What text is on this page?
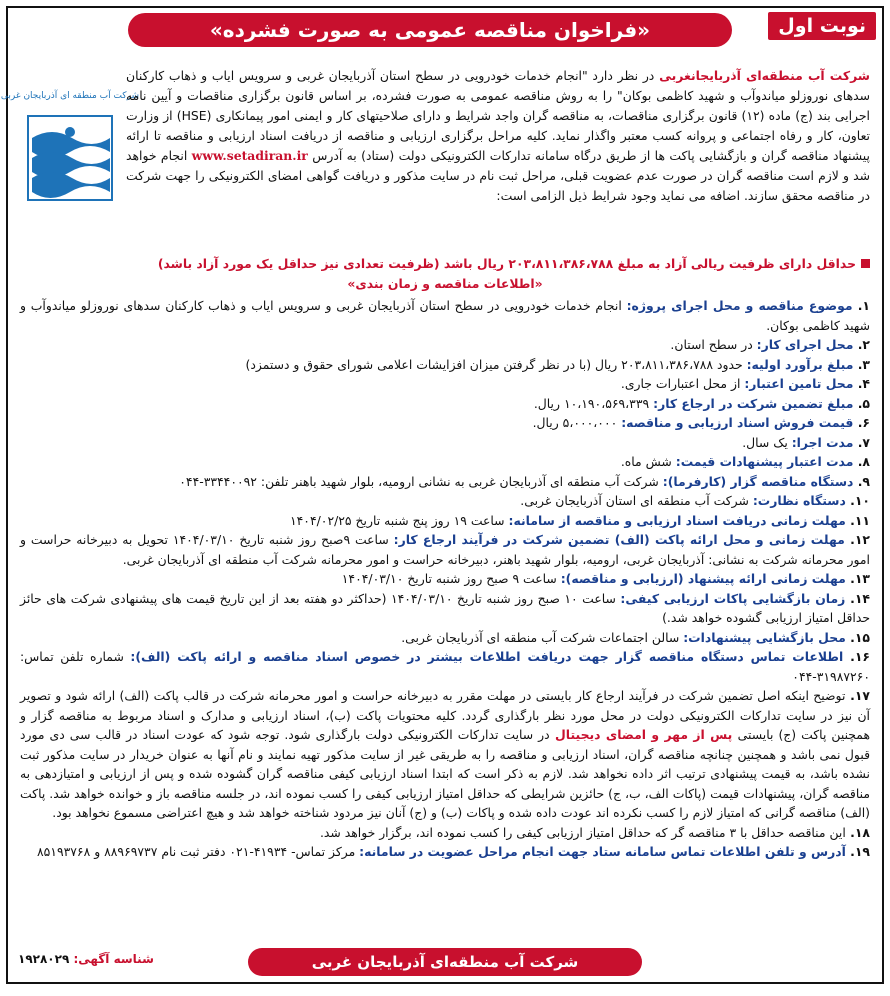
نوبت اول
«فراخوان مناقصه عمومی به صورت فشرده»
شرکت آب منطقه ای آذربایجان غربی
شرکت آب منطقه‌ای آذربایجانغربی در نظر دارد "انجام خدمات خودرویی در سطح استان آذربایجان غربی و سرویس ایاب و ذهاب کارکنان سدهای نوروزلو میاندوآب و شهید کاظمی بوکان" را به روش مناقصه عمومی به صورت فشرده، بر اساس قانون برگزاری مناقصات و آیین نامه اجرایی بند (ج) ماده (۱۲) قانون برگزاری مناقصات، به مناقصه گران واجد شرایط و دارای صلاحیتهای کار و ایمنی امور پیمانکاری (HSE) از وزارت تعاون، کار و رفاه اجتماعی و پروانه کسب معتبر واگذار نماید. کلیه مراحل برگزاری ارزیابی و مناقصه از دریافت اسناد ارزیابی و مناقصه تا ارائه پیشنهاد مناقصه گران و بازگشایی پاکت ها از طریق درگاه سامانه تدارکات الکترونیکی دولت (ستاد) به آدرس www.setadiran.ir انجام خواهد شد و لازم است مناقصه گران در صورت عدم عضویت قبلی، مراحل ثبت نام در سایت مذکور و دریافت گواهی امضای الکترونیکی را جهت شرکت در مناقصه محقق سازند. اضافه می نماید وجود شرایط ذیل الزامی است:
حداقل دارای ظرفیت ریالی آزاد به مبلغ ۲۰۳،۸۱۱،۳۸۶،۷۸۸ ریال باشد (ظرفیت تعدادی نیز حداقل یک مورد آزاد باشد)
«اطلاعات مناقصه و زمان بندی»
۱. موضوع مناقصه و محل اجرای پروژه: انجام خدمات خودرویی در سطح استان آذربایجان غربی و سرویس ایاب و ذهاب کارکنان سدهای نوروزلو میاندوآب و شهید کاظمی بوکان.
۲. محل اجرای کار: در سطح استان.
۳. مبلغ برآورد اولیه: حدود ۲۰۳،۸۱۱،۳۸۶،۷۸۸ ریال (با در نظر گرفتن میزان افزایشات اعلامی شورای حقوق و دستمزد)
۴. محل تامین اعتبار: از محل اعتبارات جاری.
۵. مبلغ تضمین شرکت در ارجاع کار: ۱۰،۱۹۰،۵۶۹،۳۳۹ ریال.
۶. قیمت فروش اسناد ارزیابی و مناقصه: ۵،۰۰۰،۰۰۰ ریال.
۷. مدت اجرا: یک سال.
۸. مدت اعتبار پیشنهادات قیمت: شش ماه.
۹. دستگاه مناقصه گزار (کارفرما): شرکت آب منطقه ای آذربایجان غربی به نشانی ارومیه، بلوار شهید باهنر تلفن: ۳۳۴۴۰۰۹۲-۰۴۴
۱۰. دستگاه نظارت: شرکت آب منطقه ای استان آذربایجان غربی.
۱۱. مهلت زمانی دریافت اسناد ارزیابی و مناقصه از سامانه: ساعت ۱۹ روز پنج شنبه تاریخ ۱۴۰۴/۰۲/۲۵
۱۲. مهلت زمانی و محل ارائه پاکت (الف) تضمین شرکت در فرآیند ارجاع کار: ساعت ۹صبح روز شنبه تاریخ ۱۴۰۴/۰۳/۱۰ تحویل به دبیرخانه حراست و امور محرمانه شرکت به نشانی: آذربایجان غربی، ارومیه، بلوار شهید باهنر، دبیرخانه حراست و امور محرمانه شرکت آب منطقه ای آذربایجان غربی.
۱۳. مهلت زمانی ارائه پیشنهاد (ارزیابی و مناقصه): ساعت ۹ صبح روز شنبه تاریخ ۱۴۰۴/۰۳/۱۰
۱۴. زمان بازگشایی پاکات ارزیابی کیفی: ساعت ۱۰ صبح روز شنبه تاریخ ۱۴۰۴/۰۳/۱۰ (حداکثر دو هفته بعد از این تاریخ قیمت های پیشنهادی شرکت های حائز حداقل امتیاز ارزیابی گشوده خواهد شد.)
۱۵. محل بازگشایی پیشنهادات: سالن اجتماعات شرکت آب منطقه ای آذربایجان غربی.
۱۶. اطلاعات تماس دستگاه مناقصه گزار جهت دریافت اطلاعات بیشتر در خصوص اسناد مناقصه و ارائه پاکت (الف): شماره تلفن تماس: ۳۱۹۸۷۲۶۰-۰۴۴
۱۷. توضیح اینکه اصل تضمین شرکت در فرآیند ارجاع کار بایستی در مهلت مقرر به دبیرخانه حراست و امور محرمانه شرکت در قالب پاکت (الف) ارائه شود و تصویر آن نیز در سایت تدارکات الکترونیکی دولت در محل مورد نظر بارگذاری گردد. کلیه محتویات پاکت (ب)، اسناد ارزیابی و مدارک و اسناد مربوط به مناقصه گزار و همچنین پاکت (ج) بایستی پس از مهر و امضای دیجیتال در سایت تدارکات الکترونیکی دولت بارگذاری شود. توجه شود که عودت اسناد در قالب سی دی مورد قبول نمی باشد و همچنین چنانچه مناقصه گران، اسناد ارزیابی و مناقصه را به طریقی غیر از سایت مذکور تهیه نمایند و نام آنها به عنوان خریدار در سایت مذکور ثبت نشده باشد، به قیمت پیشنهادی ترتیب اثر داده نخواهد شد. لازم به ذکر است که ابتدا اسناد ارزیابی کیفی مناقصه گران گشوده شده و پس از ارزیابی و امتیازدهی به مناقصه گران، پیشنهادات قیمت (پاکات الف، ب، ج) حائزین شرایطی که حداقل امتیاز ارزیابی کیفی را کسب نموده اند، در جلسه مناقصه باز و خوانده خواهد شد. پاکت (الف) مناقصه گرانی که امتیاز لازم را کسب نکرده اند عودت داده شده و پاکات (ب) و (ج) آنان نیز مردود شناخته خواهد شد و هیچ اعتراضی مسموع نخواهد بود.
۱۸. این مناقصه حداقل با ۳ مناقصه گر که حداقل امتیاز ارزیابی کیفی را کسب نموده اند، برگزار خواهد شد.
۱۹. آدرس و تلفن اطلاعات تماس سامانه ستاد جهت انجام مراحل عضویت در سامانه: مرکز تماس- ۴۱۹۳۴-۰۲۱ دفتر ثبت نام ۸۸۹۶۹۷۳۷ و ۸۵۱۹۳۷۶۸
شرکت آب منطقه‌ای آذربایجان غربی
شناسه آگهی: ۱۹۲۸۰۲۹
